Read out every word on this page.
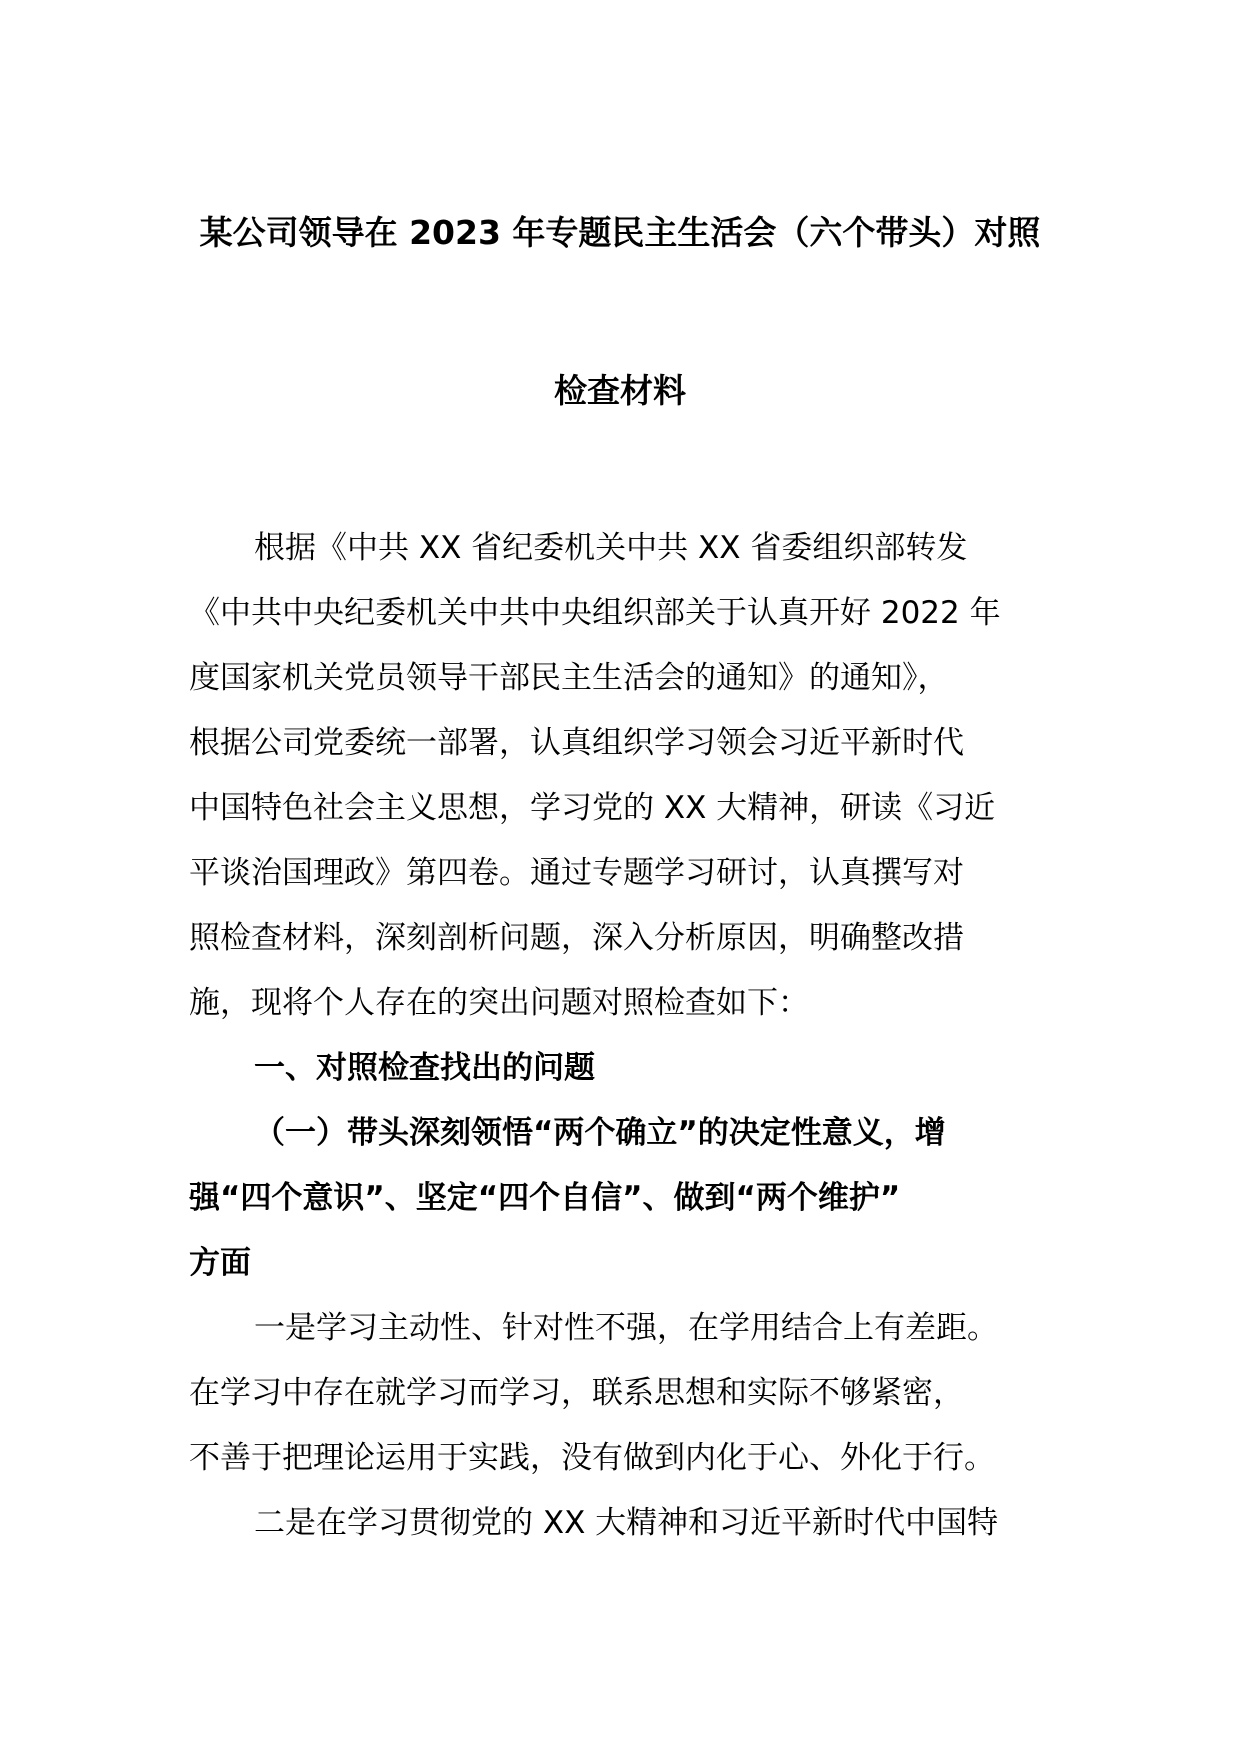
某公司领导在 2023 年专题民主生活会（六个带头）对照
检查材料
根据《中共 XX 省纪委机关中共 XX 省委组织部转发
《中共中央纪委机关中共中央组织部关于认真开好 2022 年
度国家机关党员领导干部民主生活会的通知》的通知》，
根据公司党委统一部署，认真组织学习领会习近平新时代
中国特色社会主义思想，学习党的 XX 大精神，研读《习近
平谈治国理政》第四卷。通过专题学习研讨，认真撰写对
照检查材料，深刻剖析问题，深入分析原因，明确整改措
施，现将个人存在的突出问题对照检查如下：
一、对照检查找出的问题
（一）带头深刻领悟“两个确立”的决定性意义，增
强“四个意识”、坚定“四个自信”、做到“两个维护”
方面
一是学习主动性、针对性不强，在学用结合上有差距。
在学习中存在就学习而学习，联系思想和实际不够紧密，
不善于把理论运用于实践，没有做到内化于心、外化于行。
二是在学习贯彻党的 XX 大精神和习近平新时代中国特
